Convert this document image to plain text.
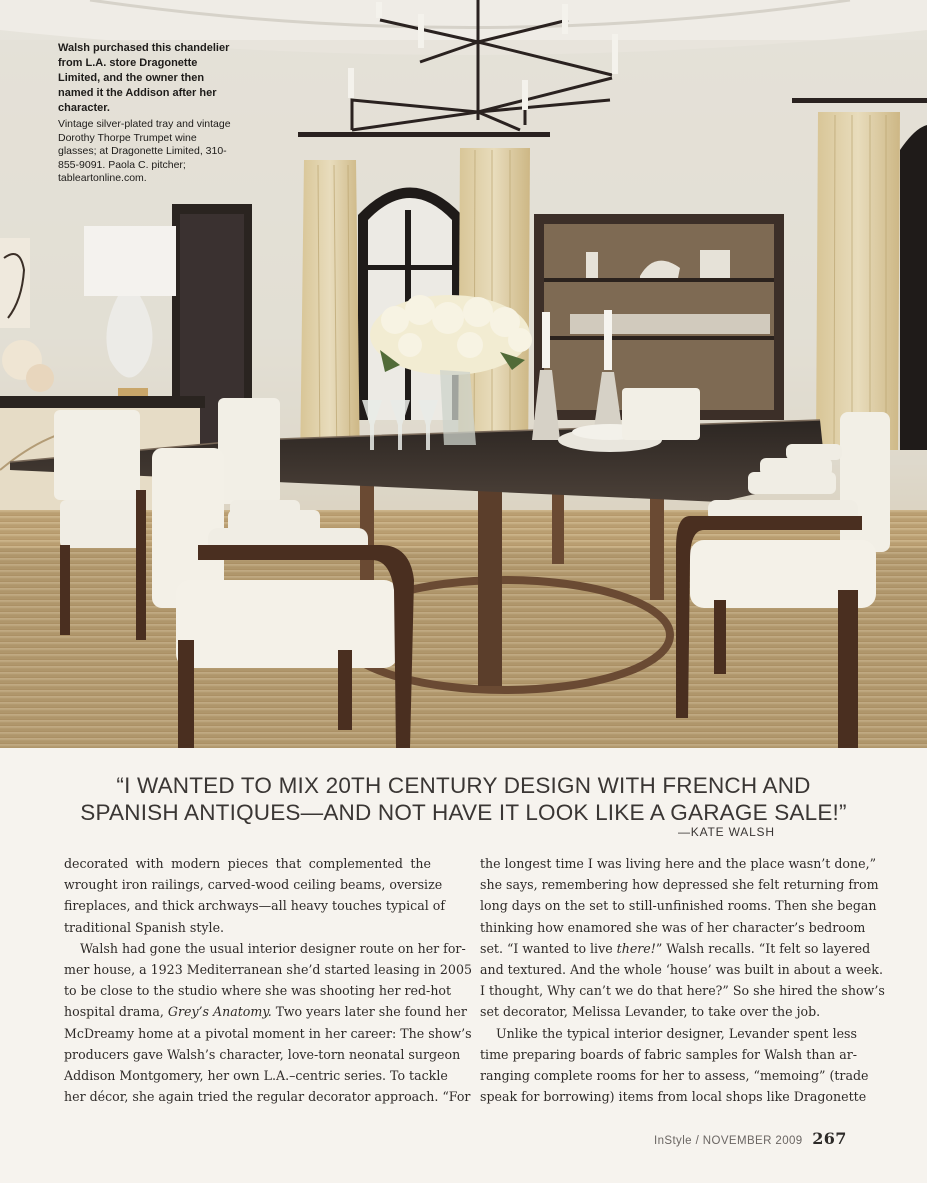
Walsh purchased this chandelier from L.A. store Dragonette Limited, and the owner then named it the Addison after her character.

Vintage silver-plated tray and vintage Dorothy Thorpe Trumpet wine glasses; at Dragonette Limited, 310-855-9091. Paola C. pitcher; tableartonline.com.

“I WANTED TO MIX 20TH CENTURY DESIGN WITH FRENCH AND
SPANISH ANTIQUES—AND NOT HAVE IT LOOK LIKE A GARAGE SALE!”
—KATE WALSH
decorated with modern pieces that complemented the
wrought iron railings, carved-wood ceiling beams, oversize
fireplaces, and thick archways—all heavy touches typical of
traditional Spanish style.
Walsh had gone the usual interior designer route on her for-
mer house, a 1923 Mediterranean she’d started leasing in 2005
to be close to the studio where she was shooting her red-hot
hospital drama, Grey’s Anatomy. Two years later she found her
McDreamy home at a pivotal moment in her career: The show’s
producers gave Walsh’s character, love-torn neonatal surgeon
Addison Montgomery, her own L.A.–centric series. To tackle
her décor, she again tried the regular decorator approach. “For
the longest time I was living here and the place wasn’t done,”
she says, remembering how depressed she felt returning from
long days on the set to still-unfinished rooms. Then she began
thinking how enamored she was of her character’s bedroom
set. “I wanted to live there!” Walsh recalls. “It felt so layered
and textured. And the whole ‘house’ was built in about a week.
I thought, Why can’t we do that here?” So she hired the show’s
set decorator, Melissa Levander, to take over the job.
Unlike the typical interior designer, Levander spent less
time preparing boards of fabric samples for Walsh than ar-
ranging complete rooms for her to assess, “memoing” (trade
speak for borrowing) items from local shops like Dragonette
InStyle / NOVEMBER 2009 267
